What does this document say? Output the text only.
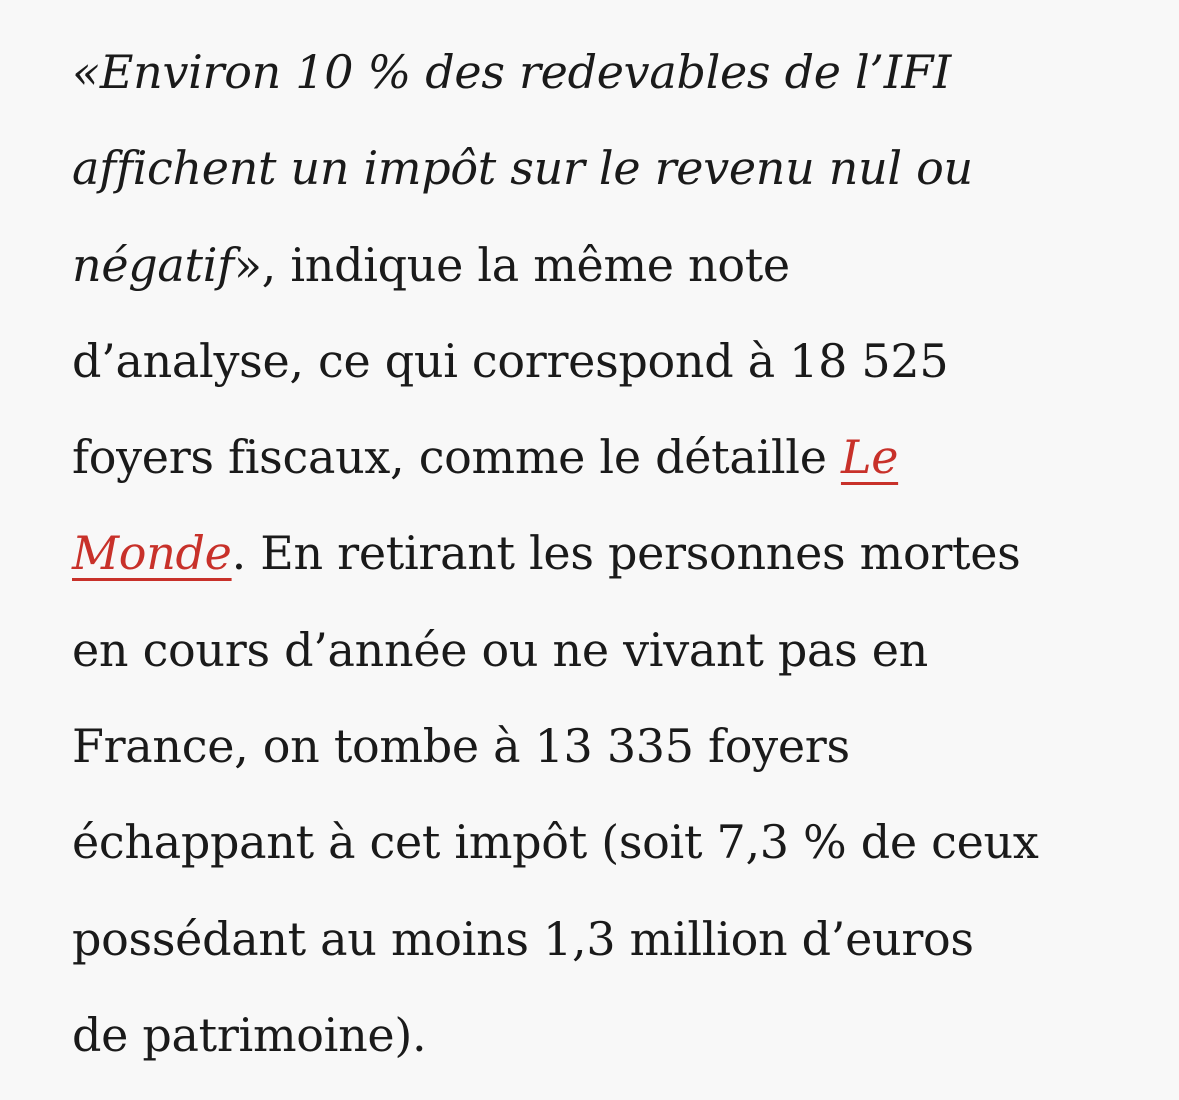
«Environ 10 % des redevables de l’IFI
affichent un impôt sur le revenu nul ou
négatif», indique la même note
d’analyse, ce qui correspond à 18 525
foyers fiscaux, comme le détaille Le
Monde. En retirant les personnes mortes
en cours d’année ou ne vivant pas en
France, on tombe à 13 335 foyers
échappant à cet impôt (soit 7,3 % de ceux
possédant au moins 1,3 million d’euros
de patrimoine).
